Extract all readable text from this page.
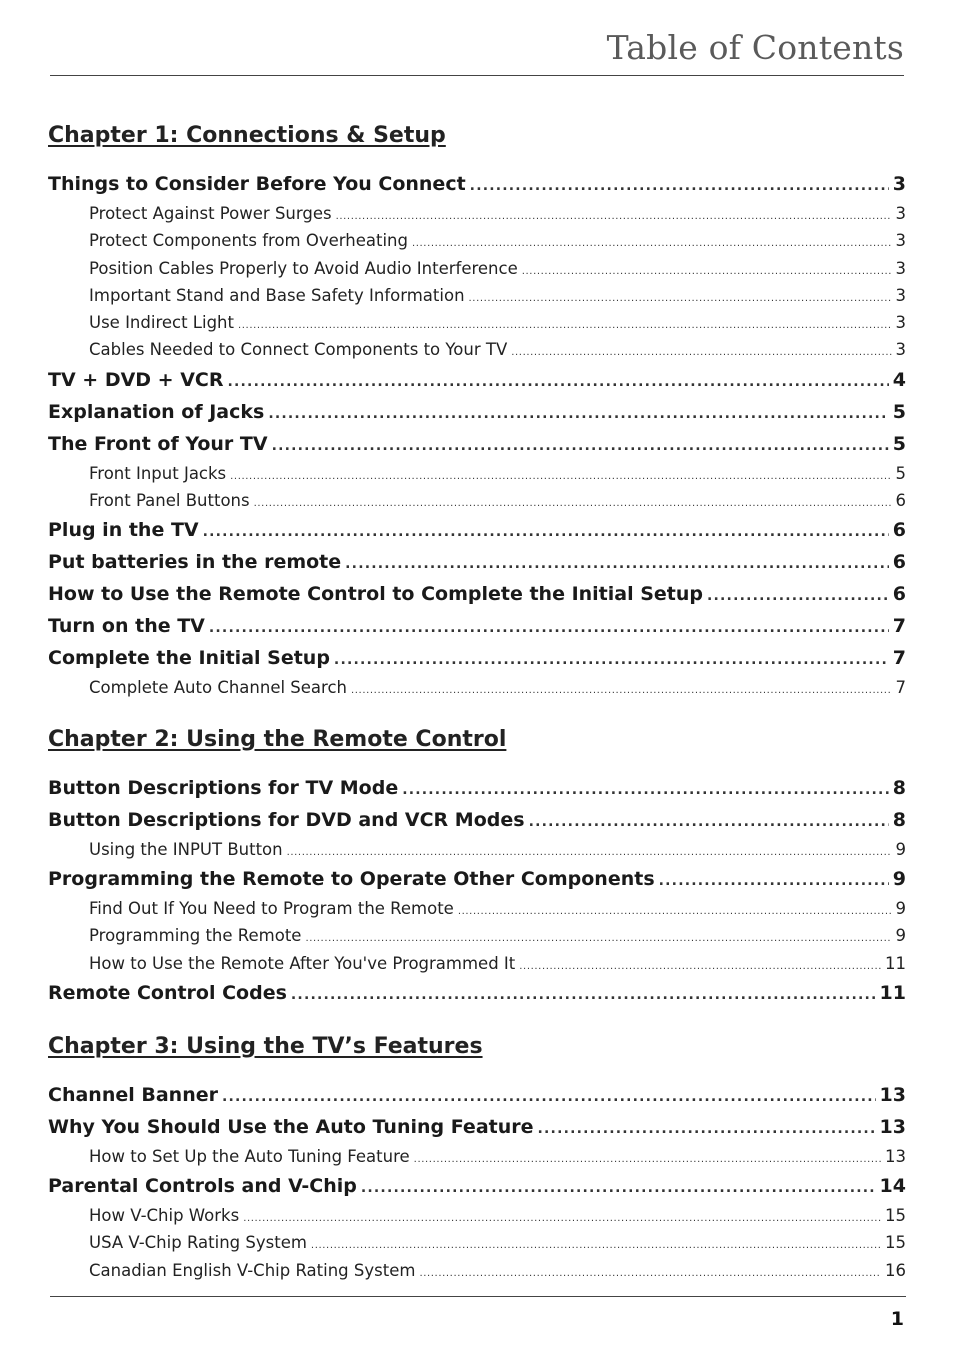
Table of Contents
Chapter 1: Connections & Setup
Things to Consider Before You Connect .....	3
Protect Against Power Surges .....	3
Protect Components from Overheating .....	3
Position Cables Properly to Avoid Audio Interference .....	3
Important Stand and Base Safety Information .....	3
Use Indirect Light .....	3
Cables Needed to Connect Components to Your TV .....	3
TV + DVD + VCR .....	4
Explanation of Jacks .....	5
The Front of Your TV .....	5
Front Input Jacks .....	5
Front Panel Buttons .....	6
Plug in the TV .....	6
Put batteries in the remote .....	6
How to Use the Remote Control to Complete the Initial Setup .....	6
Turn on the TV .....	7
Complete the Initial Setup .....	7
Complete Auto Channel Search .....	7
Chapter 2: Using the Remote Control
Button Descriptions for TV Mode .....	8
Button Descriptions for DVD and VCR Modes .....	8
Using the INPUT Button .....	9
Programming the Remote to Operate Other Components .....	9
Find Out If You Need to Program the Remote .....	9
Programming the Remote .....	9
How to Use the Remote After You've Programmed It .....	11
Remote Control Codes .....	11
Chapter 3: Using the TV’s Features
Channel Banner .....	13
Why You Should Use the Auto Tuning Feature .....	13
How to Set Up the Auto Tuning Feature .....	13
Parental Controls and V-Chip .....	14
How V-Chip Works .....	15
USA V-Chip Rating System .....	15
Canadian English V-Chip Rating System .....	16
1
